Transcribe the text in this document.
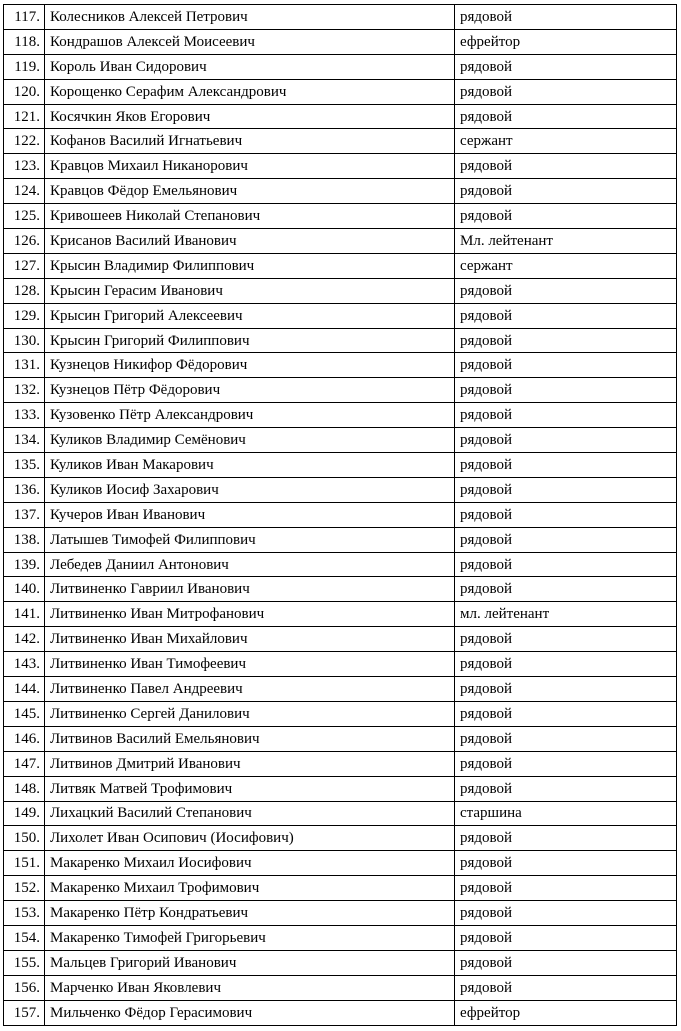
117.	Колесников Алексей Петрович	рядовой
118.	Кондрашов Алексей Моисеевич	ефрейтор
119.	Король Иван Сидорович	рядовой
120.	Корощенко Серафим Александрович	рядовой
121.	Косячкин Яков Егорович	рядовой
122.	Кофанов Василий Игнатьевич	сержант
123.	Кравцов Михаил Никанорович	рядовой
124.	Кравцов Фёдор Емельянович	рядовой
125.	Кривошеев Николай Степанович	рядовой
126.	Крисанов Василий Иванович	Мл. лейтенант
127.	Крысин Владимир Филиппович	сержант
128.	Крысин Герасим Иванович	рядовой
129.	Крысин Григорий Алексеевич	рядовой
130.	Крысин Григорий Филиппович	рядовой
131.	Кузнецов Никифор Фёдорович	рядовой
132.	Кузнецов Пётр Фёдорович	рядовой
133.	Кузовенко Пётр Александрович	рядовой
134.	Куликов Владимир Семёнович	рядовой
135.	Куликов Иван Макарович	рядовой
136.	Куликов Иосиф Захарович	рядовой
137.	Кучеров Иван Иванович	рядовой
138.	Латышев Тимофей Филиппович	рядовой
139.	Лебедев Даниил Антонович	рядовой
140.	Литвиненко Гавриил Иванович	рядовой
141.	Литвиненко Иван Митрофанович	мл. лейтенант
142.	Литвиненко Иван Михайлович	рядовой
143.	Литвиненко Иван Тимофеевич	рядовой
144.	Литвиненко Павел Андреевич	рядовой
145.	Литвиненко Сергей Данилович	рядовой
146.	Литвинов Василий Емельянович	рядовой
147.	Литвинов Дмитрий Иванович	рядовой
148.	Литвяк Матвей Трофимович	рядовой
149.	Лихацкий Василий Степанович	старшина
150.	Лихолет Иван Осипович (Иосифович)	рядовой
151.	Макаренко Михаил Иосифович	рядовой
152.	Макаренко Михаил Трофимович	рядовой
153.	Макаренко Пётр Кондратьевич	рядовой
154.	Макаренко Тимофей Григорьевич	рядовой
155.	Мальцев Григорий Иванович	рядовой
156.	Марченко Иван Яковлевич	рядовой
157.	Мильченко Фёдор Герасимович	ефрейтор
